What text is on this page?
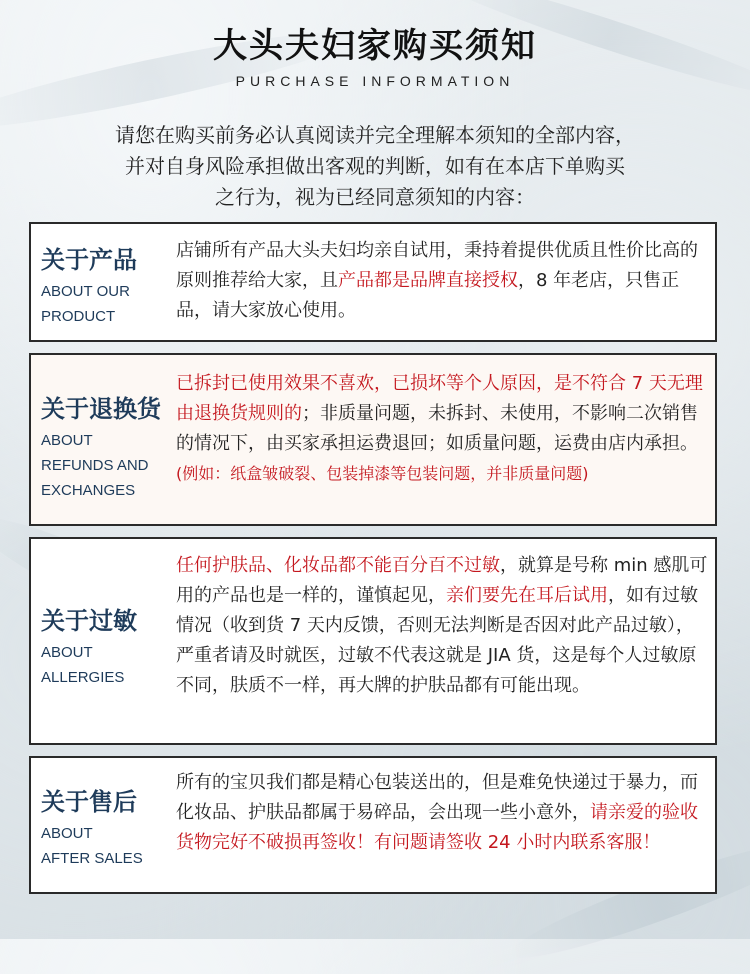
大头夫妇家购买须知
PURCHASE INFORMATION
请您在购买前务必认真阅读并完全理解本须知的全部内容，
并对自身风险承担做出客观的判断，如有在本店下单购买
之行为，视为已经同意须知的内容：
关于产品
ABOUT OUR
PRODUCT
店铺所有产品大头夫妇均亲自试用，秉持着提供优质且性价比高的原则推荐给大家，且产品都是品牌直接授权，8 年老店，只售正品，请大家放心使用。
关于退换货
ABOUT
REFUNDS AND
EXCHANGES
已拆封已使用效果不喜欢，已损坏等个人原因，是不符合 7 天无理由退换货规则的；非质量问题，未拆封、未使用，不影响二次销售的情况下，由买家承担运费退回；如质量问题，运费由店内承担。(例如：纸盒皱破裂、包装掉漆等包装问题，并非质量问题)
关于过敏
ABOUT
ALLERGIES
任何护肤品、化妆品都不能百分百不过敏，就算是号称 min 感肌可用的产品也是一样的，谨慎起见，亲们要先在耳后试用，如有过敏情况（收到货 7 天内反馈，否则无法判断是否因对此产品过敏），严重者请及时就医，过敏不代表这就是 JIA 货，这是每个人过敏原不同，肤质不一样，再大牌的护肤品都有可能出现。
关于售后
ABOUT
AFTER SALES
所有的宝贝我们都是精心包装送出的，但是难免快递过于暴力，而化妆品、护肤品都属于易碎品，会出现一些小意外，请亲爱的验收货物完好不破损再签收！有问题请签收 24 小时内联系客服！
